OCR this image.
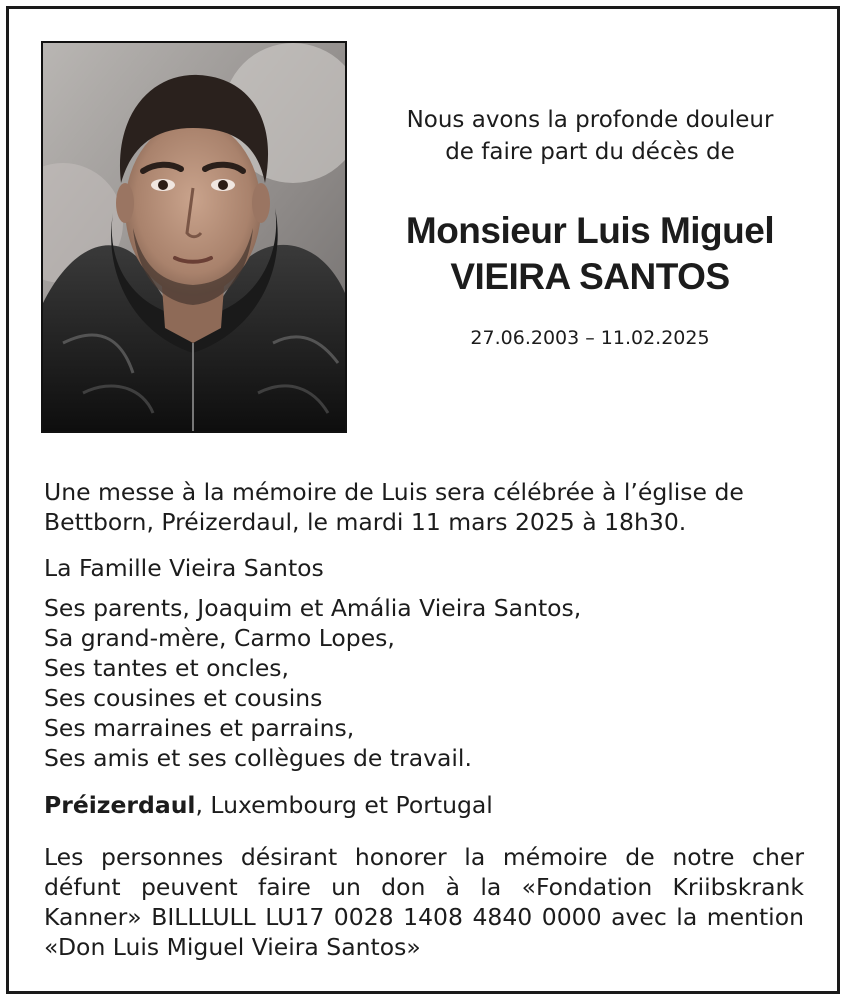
Nous avons la profonde douleur
de faire part du décès de
Monsieur Luis Miguel
VIEIRA SANTOS
27.06.2003 – 11.02.2025
Une messe à la mémoire de Luis sera célébrée à l’église de
Bettborn, Préizerdaul, le mardi 11 mars 2025 à 18h30.
La Famille Vieira Santos
Ses parents, Joaquim et Amália Vieira Santos,
Sa grand-mère, Carmo Lopes,
Ses tantes et oncles,
Ses cousines et cousins
Ses marraines et parrains,
Ses amis et ses collègues de travail.
Préizerdaul, Luxembourg et Portugal
Les personnes désirant honorer la mémoire de notre cher
défunt peuvent faire un don à la «Fondation Kriibskrank
Kanner» BILLLULL LU17 0028 1408 4840 0000 avec la mention
«Don Luis Miguel Vieira Santos»
